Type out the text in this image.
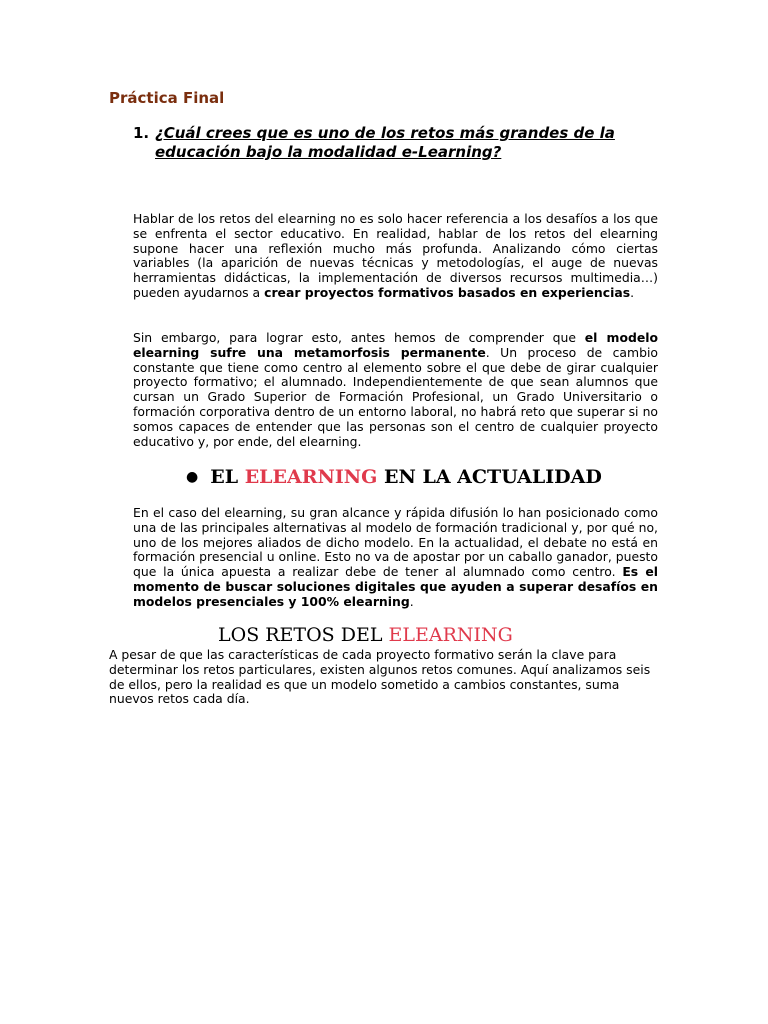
Práctica Final
1. ¿Cuál crees que es uno de los retos más grandes de la
educación bajo la modalidad e-Learning?

Hablar de los retos del elearning no es solo hacer referencia a los desafíos a los que se enfrenta el sector educativo. En realidad, hablar de los retos del elearning supone hacer una reflexión mucho más profunda. Analizando cómo ciertas variables (la aparición de nuevas técnicas y metodologías, el auge de nuevas herramientas didácticas, la implementación de diversos recursos multimedia…) pueden ayudarnos a crear proyectos formativos basados en experiencias.

Sin embargo, para lograr esto, antes hemos de comprender que el modelo elearning sufre una metamorfosis permanente. Un proceso de cambio constante que tiene como centro al elemento sobre el que debe de girar cualquier proyecto formativo; el alumnado. Independientemente de que sean alumnos que cursan un Grado Superior de Formación Profesional, un Grado Universitario o formación corporativa dentro de un entorno laboral, no habrá reto que superar si no somos capaces de entender que las personas son el centro de cualquier proyecto educativo y, por ende, del elearning.

● EL ELEARNING EN LA ACTUALIDAD

En el caso del elearning, su gran alcance y rápida difusión lo han posicionado como una de las principales alternativas al modelo de formación tradicional y, por qué no, uno de los mejores aliados de dicho modelo. En la actualidad, el debate no está en formación presencial u online. Esto no va de apostar por un caballo ganador, puesto que la única apuesta a realizar debe de tener al alumnado como centro. Es el momento de buscar soluciones digitales que ayuden a superar desafíos en modelos presenciales y 100% elearning.

LOS RETOS DEL ELEARNING

A pesar de que las características de cada proyecto formativo serán la clave para determinar los retos particulares, existen algunos retos comunes. Aquí analizamos seis de ellos, pero la realidad es que un modelo sometido a cambios constantes, suma nuevos retos cada día.
